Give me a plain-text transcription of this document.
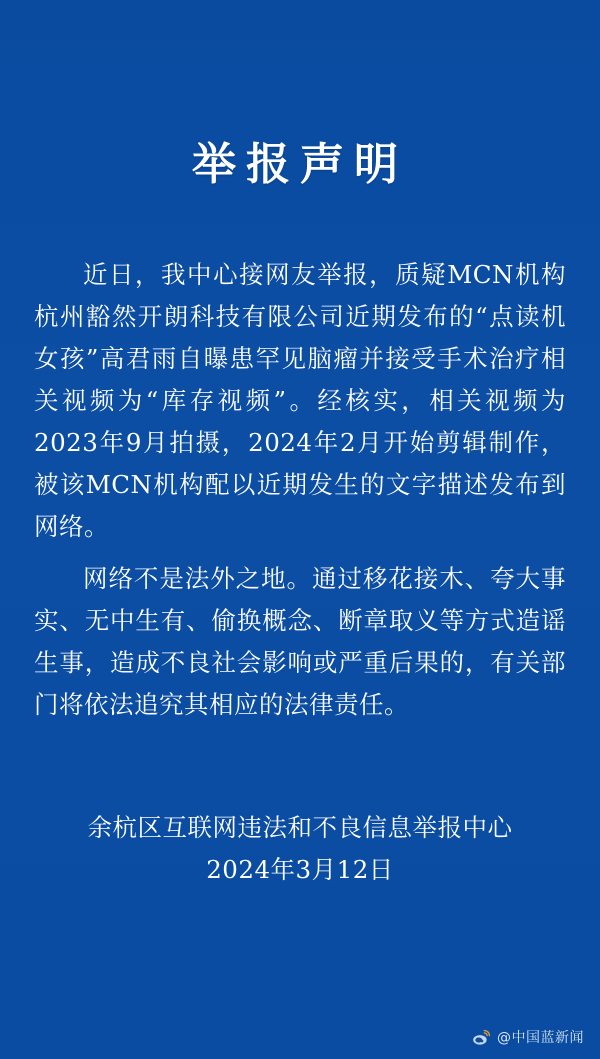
举报声明

近日，我中心接网友举报，质疑MCN机构杭州豁然开朗科技有限公司近期发布的“点读机女孩”高君雨自曝患罕见脑瘤并接受手术治疗相关视频为“库存视频”。经核实，相关视频为2023年9月拍摄，2024年2月开始剪辑制作，被该MCN机构配以近期发生的文字描述发布到网络。

网络不是法外之地。通过移花接木、夸大事实、无中生有、偷换概念、断章取义等方式造谣生事，造成不良社会影响或严重后果的，有关部门将依法追究其相应的法律责任。

余杭区互联网违法和不良信息举报中心
2024年3月12日
@中国蓝新闻
